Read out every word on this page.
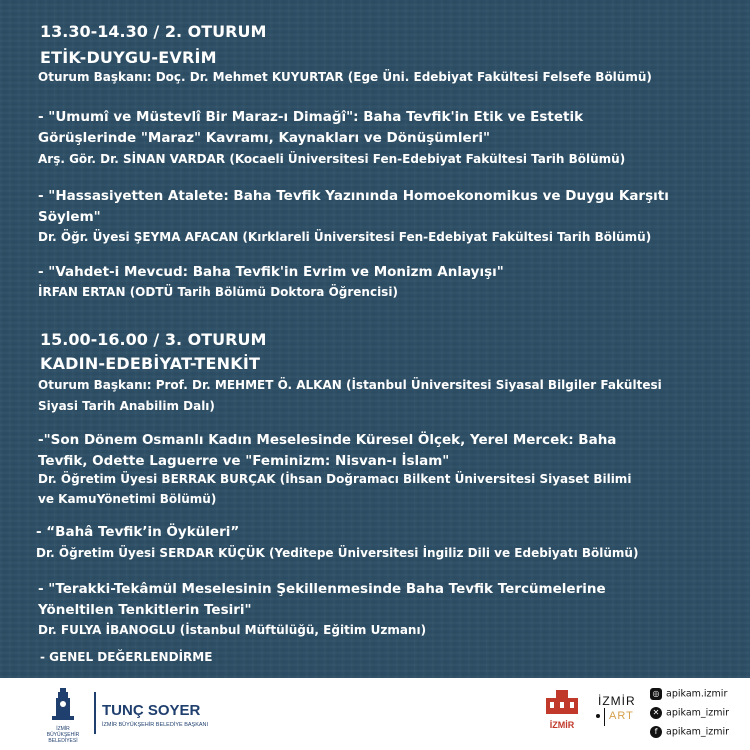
13.30-14.30 / 2. OTURUM
ETİK-DUYGU-EVRİM
Oturum Başkanı: Doç. Dr. Mehmet KUYURTAR (Ege Üni. Edebiyat Fakültesi Felsefe Bölümü)
- "Umumî ve Müstevlî Bir Maraz-ı Dimağî": Baha Tevfik'in Etik ve Estetik
Görüşlerinde "Maraz" Kavramı, Kaynakları ve Dönüşümleri"
Arş. Gör. Dr. SİNAN VARDAR (Kocaeli Üniversitesi Fen-Edebiyat Fakültesi Tarih Bölümü)
- "Hassasiyetten Atalete: Baha Tevfik Yazınında Homoekonomikus ve Duygu Karşıtı
Söylem"
Dr. Öğr. Üyesi ŞEYMA AFACAN (Kırklareli Üniversitesi Fen-Edebiyat Fakültesi Tarih Bölümü)
- "Vahdet-i Mevcud: Baha Tevfik'in Evrim ve Monizm Anlayışı"
İRFAN ERTAN (ODTÜ Tarih Bölümü Doktora Öğrencisi)
15.00-16.00 / 3. OTURUM
KADIN-EDEBİYAT-TENKİT
Oturum Başkanı: Prof. Dr. MEHMET Ö. ALKAN (İstanbul Üniversitesi Siyasal Bilgiler Fakültesi
Siyasi Tarih Anabilim Dalı)
-"Son Dönem Osmanlı Kadın Meselesinde Küresel Ölçek, Yerel Mercek: Baha
Tevfik, Odette Laguerre ve "Feminizm: Nisvan-ı İslam"
Dr. Öğretim Üyesi BERRAK BURÇAK (İhsan Doğramacı Bilkent Üniversitesi Siyaset Bilimi
ve KamuYönetimi Bölümü)
- “Bahâ Tevfik’in Öyküleri”
Dr. Öğretim Üyesi SERDAR KÜÇÜK (Yeditepe Üniversitesi İngiliz Dili ve Edebiyatı Bölümü)
- "Terakki-Tekâmül Meselesinin Şekillenmesinde Baha Tevfik Tercümelerine
Yöneltilen Tenkitlerin Tesiri"
Dr. FULYA İBANOGLU (İstanbul Müftülüğü, Eğitim Uzmanı)
- GENEL DEĞERLENDİRME
İZMİR
BÜYÜKŞEHİR
BELEDİYESİ
TUNÇ SOYER
İZMİR BÜYÜKŞEHİR BELEDİYE BAŞKANI	İZMİR
İZMİR
ART
◎ apikam.izmir
✕ apikam_izmir
f apikam_izmir
